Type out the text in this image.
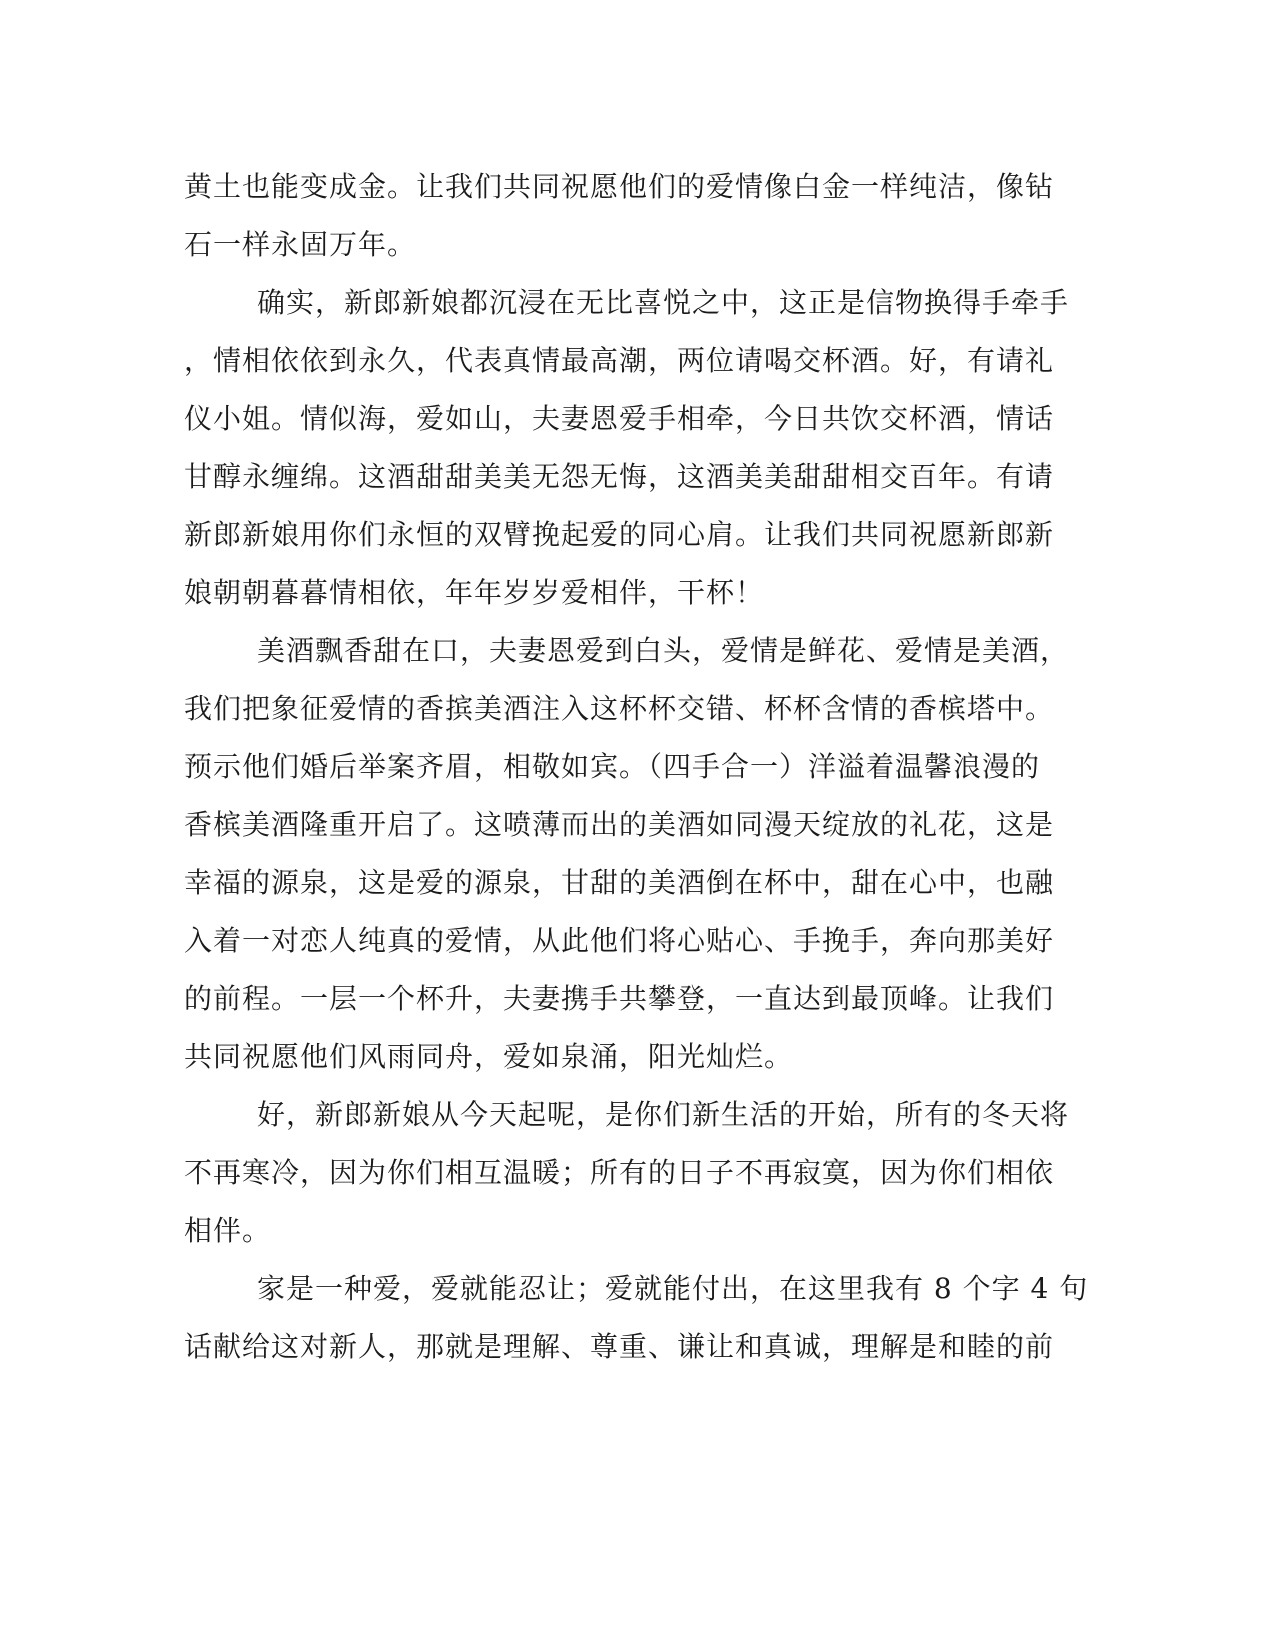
黄土也能变成金。让我们共同祝愿他们的爱情像白金一样纯洁，像钻
石一样永固万年。
确实，新郎新娘都沉浸在无比喜悦之中，这正是信物换得手牵手
，情相依依到永久，代表真情最高潮，两位请喝交杯酒。好，有请礼
仪小姐。情似海，爱如山，夫妻恩爱手相牵，今日共饮交杯酒，情话
甘醇永缠绵。这酒甜甜美美无怨无悔，这酒美美甜甜相交百年。有请
新郎新娘用你们永恒的双臂挽起爱的同心肩。让我们共同祝愿新郎新
娘朝朝暮暮情相依，年年岁岁爱相伴，干杯！
美酒飘香甜在口，夫妻恩爱到白头，爱情是鲜花、爱情是美酒，
我们把象征爱情的香摈美酒注入这杯杯交错、杯杯含情的香槟塔中。
预示他们婚后举案齐眉，相敬如宾。（四手合一）洋溢着温馨浪漫的
香槟美酒隆重开启了。这喷薄而出的美酒如同漫天绽放的礼花，这是
幸福的源泉，这是爱的源泉，甘甜的美酒倒在杯中，甜在心中，也融
入着一对恋人纯真的爱情，从此他们将心贴心、手挽手，奔向那美好
的前程。一层一个杯升，夫妻携手共攀登，一直达到最顶峰。让我们
共同祝愿他们风雨同舟，爱如泉涌，阳光灿烂。
好，新郎新娘从今天起呢，是你们新生活的开始，所有的冬天将
不再寒冷，因为你们相互温暖；所有的日子不再寂寞，因为你们相依
相伴。
家是一种爱，爱就能忍让；爱就能付出，在这里我有 8 个字 4 句
话献给这对新人，那就是理解、尊重、谦让和真诚，理解是和睦的前
